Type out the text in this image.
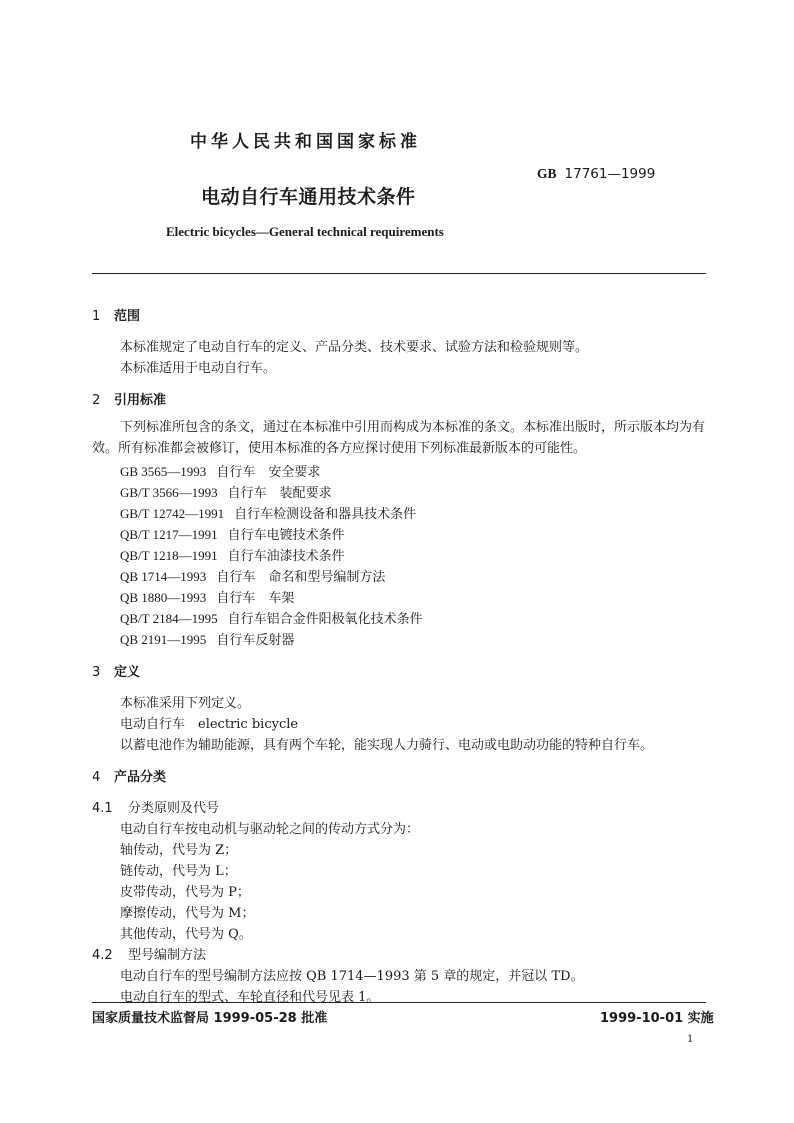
中华人民共和国国家标准
GB 17761—1999
电动自行车通用技术条件
Electric bicycles—General technical requirements
1 范围
本标准规定了电动自行车的定义、产品分类、技术要求、试验方法和检验规则等。
本标准适用于电动自行车。
2 引用标准
下列标准所包含的条文，通过在本标准中引用而构成为本标准的条文。本标准出版时，所示版本均为有效。所有标准都会被修订，使用本标准的各方应探讨使用下列标准最新版本的可能性。
GB 3565—1993 自行车　安全要求
GB/T 3566—1993 自行车　装配要求
GB/T 12742—1991 自行车检测设备和器具技术条件
QB/T 1217—1991 自行车电镀技术条件
QB/T 1218—1991 自行车油漆技术条件
QB 1714—1993 自行车　命名和型号编制方法
QB 1880—1993 自行车　车架
QB/T 2184—1995 自行车铝合金件阳极氧化技术条件
QB 2191—1995 自行车反射器
3 定义
本标准采用下列定义。
电动自行车　electric bicycle
以蓄电池作为辅助能源，具有两个车轮，能实现人力骑行、电动或电助动功能的特种自行车。
4 产品分类
4.1 分类原则及代号
电动自行车按电动机与驱动轮之间的传动方式分为：
轴传动，代号为 Z；
链传动，代号为 L；
皮带传动，代号为 P；
摩擦传动，代号为 M；
其他传动，代号为 Q。
4.2 型号编制方法
电动自行车的型号编制方法应按 QB 1714—1993 第 5 章的规定，并冠以 TD。
电动自行车的型式、车轮直径和代号见表 1。
国家质量技术监督局 1999-05-28 批准	1999-10-01 实施
1
